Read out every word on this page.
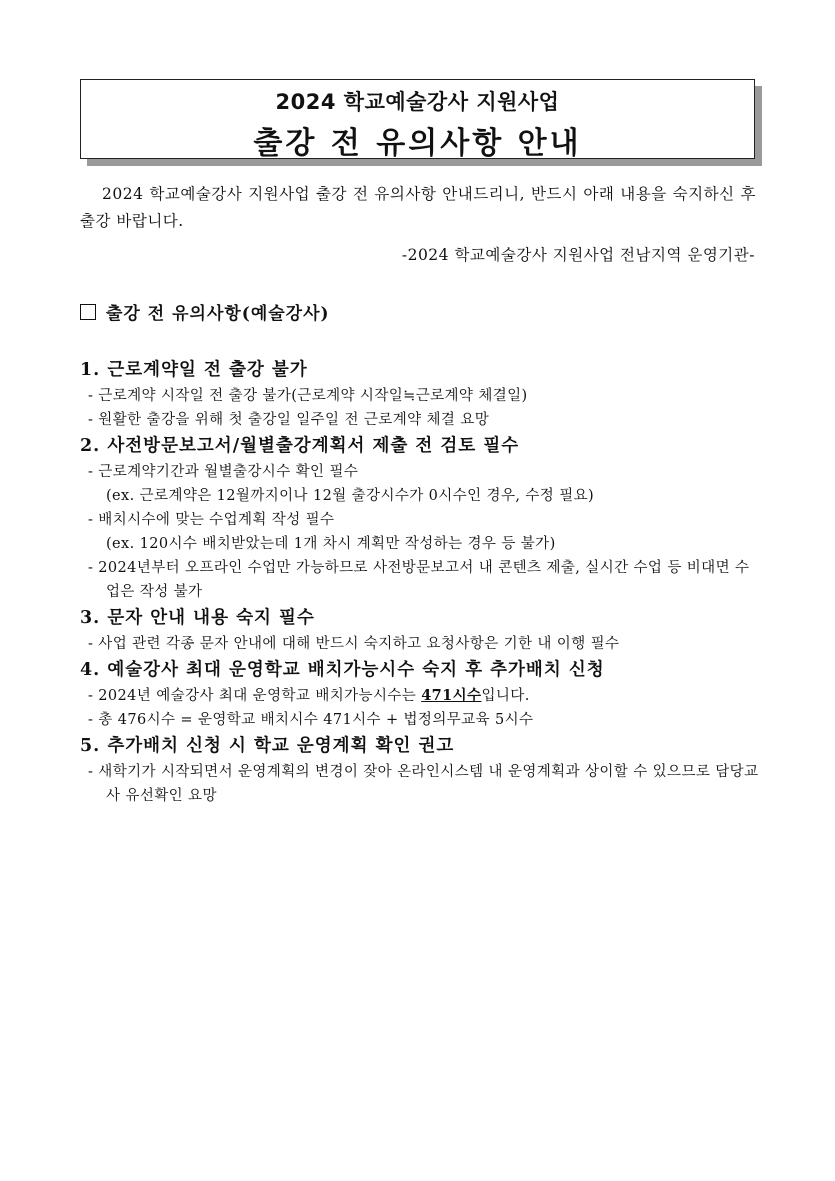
2024 학교예술강사 지원사업
출강 전 유의사항 안내
2024 학교예술강사 지원사업 출강 전 유의사항 안내드리니, 반드시 아래 내용을 숙지하신 후 출강 바랍니다.
-2024 학교예술강사 지원사업 전남지역 운영기관-
출강 전 유의사항(예술강사)

1. 근로계약일 전 출강 불가

- 근로계약 시작일 전 출강 불가(근로계약 시작일≒근로계약 체결일)

- 원활한 출강을 위해 첫 출강일 일주일 전 근로계약 체결 요망

2. 사전방문보고서/월별출강계획서 제출 전 검토 필수

- 근로계약기간과 월별출강시수 확인 필수

(ex. 근로계약은 12월까지이나 12월 출강시수가 0시수인 경우, 수정 필요)

- 배치시수에 맞는 수업계획 작성 필수

(ex. 120시수 배치받았는데 1개 차시 계획만 작성하는 경우 등 불가)

- 2024년부터 오프라인 수업만 가능하므로 사전방문보고서 내 콘텐츠 제출, 실시간 수업 등 비대면 수업은 작성 불가

3. 문자 안내 내용 숙지 필수

- 사업 관련 각종 문자 안내에 대해 반드시 숙지하고 요청사항은 기한 내 이행 필수

4. 예술강사 최대 운영학교 배치가능시수 숙지 후 추가배치 신청

- 2024년 예술강사 최대 운영학교 배치가능시수는 471시수입니다.

- 총 476시수 = 운영학교 배치시수 471시수 + 법정의무교육 5시수

5. 추가배치 신청 시 학교 운영계획 확인 권고

- 새학기가 시작되면서 운영계획의 변경이 잦아 온라인시스템 내 운영계획과 상이할 수 있으므로 담당교사 유선확인 요망
